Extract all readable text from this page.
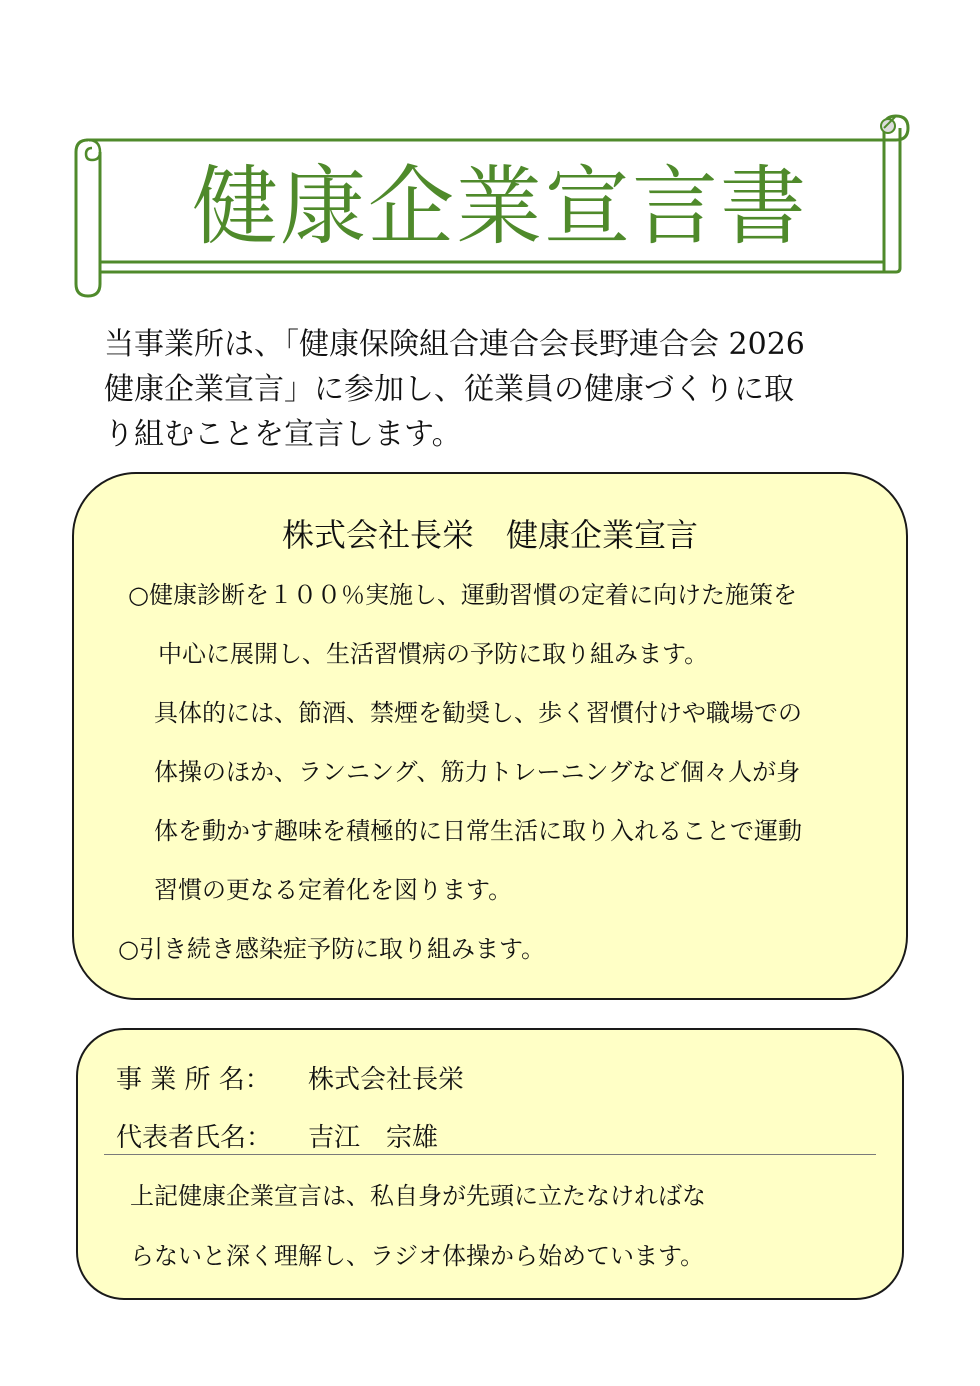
健康企業宣言書
当事業所は、「健康保険組合連合会長野連合会 2026
健康企業宣言」に参加し、従業員の健康づくりに取
り組むことを宣言します。
株式会社長栄　健康企業宣言
○健康診断を１００％実施し、運動習慣の定着に向けた施策を
中心に展開し、生活習慣病の予防に取り組みます。
具体的には、節酒、禁煙を勧奨し、歩く習慣付けや職場での
体操のほか、ランニング、筋力トレーニングなど個々人が身
体を動かす趣味を積極的に日常生活に取り入れることで運動
習慣の更なる定着化を図ります。
○引き続き感染症予防に取り組みます。
事 業 所 名： 株式会社長栄
代表者氏名： 吉江　宗雄
上記健康企業宣言は、私自身が先頭に立たなければな
らないと深く理解し、ラジオ体操から始めています。
